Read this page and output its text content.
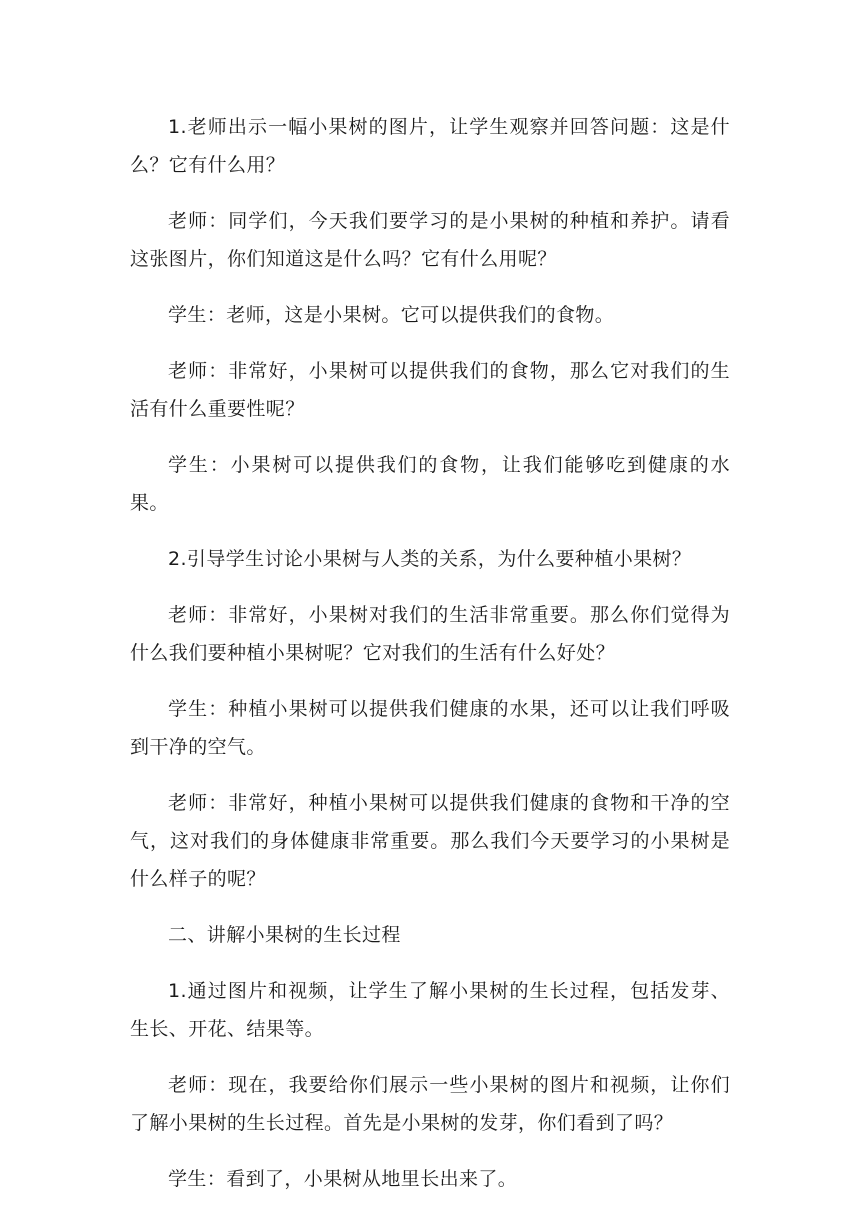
1.老师出示一幅小果树的图片，让学生观察并回答问题：这是什么？它有什么用？

老师：同学们，今天我们要学习的是小果树的种植和养护。请看这张图片，你们知道这是什么吗？它有什么用呢？

学生：老师，这是小果树。它可以提供我们的食物。

老师：非常好，小果树可以提供我们的食物，那么它对我们的生活有什么重要性呢？

学生：小果树可以提供我们的食物，让我们能够吃到健康的水果。

2.引导学生讨论小果树与人类的关系，为什么要种植小果树？

老师：非常好，小果树对我们的生活非常重要。那么你们觉得为什么我们要种植小果树呢？它对我们的生活有什么好处？

学生：种植小果树可以提供我们健康的水果，还可以让我们呼吸到干净的空气。

老师：非常好，种植小果树可以提供我们健康的食物和干净的空气，这对我们的身体健康非常重要。那么我们今天要学习的小果树是什么样子的呢？

二、讲解小果树的生长过程

1.通过图片和视频，让学生了解小果树的生长过程，包括发芽、生长、开花、结果等。

老师：现在，我要给你们展示一些小果树的图片和视频，让你们了解小果树的生长过程。首先是小果树的发芽，你们看到了吗？

学生：看到了，小果树从地里长出来了。
